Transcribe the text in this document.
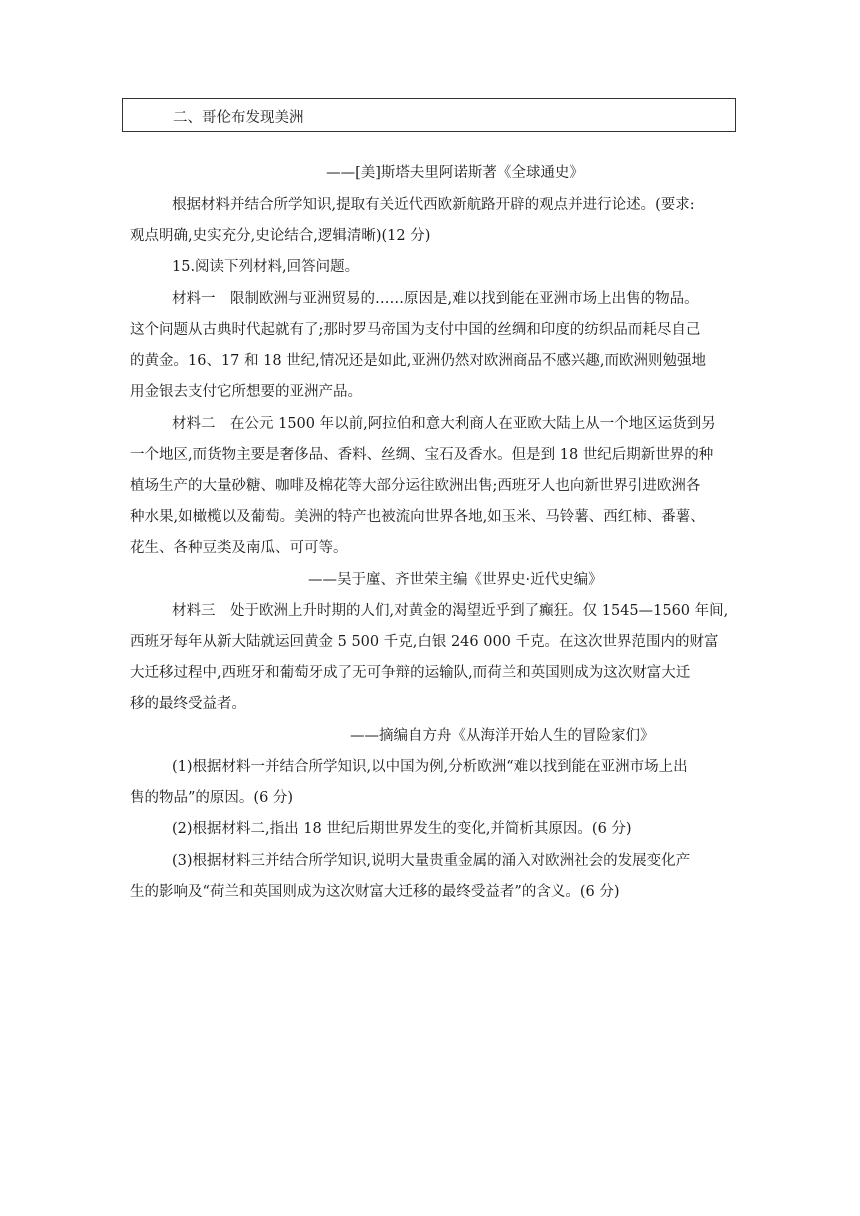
二、哥伦布发现美洲
——[美]斯塔夫里阿诺斯著《全球通史》
根据材料并结合所学知识,提取有关近代西欧新航路开辟的观点并进行论述。(要求:
观点明确,史实充分,史论结合,逻辑清晰)(12 分)
15.阅读下列材料,回答问题。
材料一　限制欧洲与亚洲贸易的……原因是,难以找到能在亚洲市场上出售的物品。
这个问题从古典时代起就有了;那时罗马帝国为支付中国的丝绸和印度的纺织品而耗尽自己
的黄金。16、17 和 18 世纪,情况还是如此,亚洲仍然对欧洲商品不感兴趣,而欧洲则勉强地
用金银去支付它所想要的亚洲产品。
材料二　在公元 1500 年以前,阿拉伯和意大利商人在亚欧大陆上从一个地区运货到另
一个地区,而货物主要是奢侈品、香料、丝绸、宝石及香水。但是到 18 世纪后期新世界的种
植场生产的大量砂糖、咖啡及棉花等大部分运往欧洲出售;西班牙人也向新世界引进欧洲各
种水果,如橄榄以及葡萄。美洲的特产也被流向世界各地,如玉米、马铃薯、西红柿、番薯、
花生、各种豆类及南瓜、可可等。
——吴于廑、齐世荣主编《世界史·近代史编》
材料三　处于欧洲上升时期的人们,对黄金的渴望近乎到了癫狂。仅 1545—1560 年间,
西班牙每年从新大陆就运回黄金 5 500 千克,白银 246 000 千克。在这次世界范围内的财富
大迁移过程中,西班牙和葡萄牙成了无可争辩的运输队,而荷兰和英国则成为这次财富大迁
移的最终受益者。
——摘编自方舟《从海洋开始人生的冒险家们》
(1)根据材料一并结合所学知识,以中国为例,分析欧洲“难以找到能在亚洲市场上出
售的物品”的原因。(6 分)
(2)根据材料二,指出 18 世纪后期世界发生的变化,并简析其原因。(6 分)
(3)根据材料三并结合所学知识,说明大量贵重金属的涌入对欧洲社会的发展变化产
生的影响及“荷兰和英国则成为这次财富大迁移的最终受益者”的含义。(6 分)
